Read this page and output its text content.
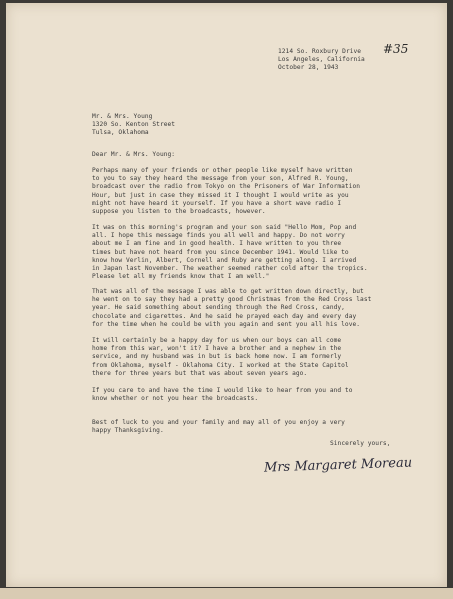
#35
1214 So. Roxbury Drive
Los Angeles, California
October 28, 1943
Mr. & Mrs. Young
1320 So. Kenton Street
Tulsa, Oklahoma
Dear Mr. & Mrs. Young:
Perhaps many of your friends or other people like myself have written
to you to say they heard the message from your son, Alfred R. Young,
broadcast over the radio from Tokyo on the Prisoners of War Information
Hour, but just in case they missed it I thought I would write as you
might not have heard it yourself. If you have a short wave radio I
suppose you listen to the broadcasts, however.
It was on this morning's program and your son said "Hello Mom, Pop and
all. I hope this message finds you all well and happy. Do not worry
about me I am fine and in good health. I have written to you three
times but have not heard from you since December 1941. Would like to
know how Verlin, Albert, Cornell and Ruby are getting along. I arrived
in Japan last November. The weather seemed rather cold after the tropics.
Please let all my friends know that I am well."
That was all of the message I was able to get written down directly, but
he went on to say they had a pretty good Christmas from the Red Cross last
year. He said something about sending through the Red Cross, candy,
chocolate and cigarettes. And he said he prayed each day and every day
for the time when he could be with you again and sent you all his love.
It will certainly be a happy day for us when our boys can all come
home from this war, won't it? I have a brother and a nephew in the
service, and my husband was in but is back home now. I am formerly
from Oklahoma, myself - Oklahoma City. I worked at the State Capitol
there for three years but that was about seven years ago.
If you care to and have the time I would like to hear from you and to
know whether or not you hear the broadcasts.
Best of luck to you and your family and may all of you enjoy a very
happy Thanksgiving.
Sincerely yours,
Mrs Margaret Moreau
